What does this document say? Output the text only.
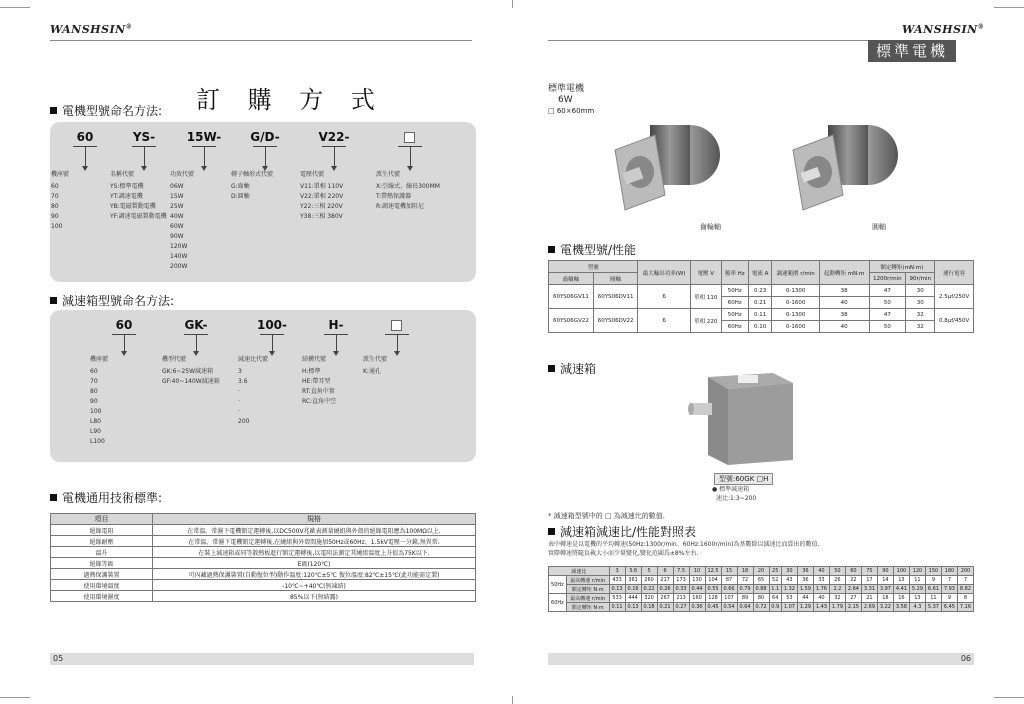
WANSHSIN®	WANSHSIN®
標準電機
訂 購 方 式
電機型號命名方法:
減速箱型號命名方法:
60
機座號
60
70
80
90
100
YS-
名稱代號
YS:標準電機
YT:調速電機
YB:電磁製動電機
YF:調速電磁製動電機
15W-
功效代號
06W
15W
25W
40W
60W
90W
120W
140W
200W
G/D-
轉子軸形式代號
G:齒軸
D:圓軸
V22-
電壓代號
V11:單相 110V
V22:單相 220V
Y22:三相 220V
Y38:三相 380V
派生代號
X:引線式、線長300MM
T:帶熱保護器
R:調速電機加阻尼
60
機座號
60
70
80
90
100
L80
L90
L100
GK-
機型代號
GK:6~25W減速箱
GF:40~140W減速箱
100-
減速比代號
3
3.6
·
·
·
200
H-
結構代號
H:標準
HE:帶耳型
RT:直角中實
RC:直角中空
派生代號
K:通孔
電機通用技術標準:
項目	規格
絕緣電阻	在常溫、常濕下電機額定運轉後,以DC500V兆歐表測量繞組與外殼的絕緣電阻應為100MΩ以上.
絕緣耐壓	在常溫、常濕下電機額定運轉後,在繞組與外殼間施加50Hz或60Hz、1.5kV電壓一分鐘,無異常.
溫升	在裝上減速箱或同等散熱板進行額定運轉後,以電阻法測定其繞組溫度上升值為75K以下.
絕緣等級	E級(120℃)
過熱保護裝置	可內藏過熱保護裝置(自動復位型)動作溫度:120℃±5℃ 復位溫度:82℃±15℃(此功能需定製)
使用環境溫度	-10℃~+40℃(無凍結)
使用環境濕度	85%以下(無結露)
05
標準電機
6W
□ 60×60mm
齒輪軸	圓軸
電機型號/性能
型號		最大輸出功率(W)	電壓 V	頻率 Hz	電流 A	調速範圍 r/min	起動轉矩 mN·m	額定轉矩(mN·m)		運行電容
齒輪軸	圓軸							1200r/min	90r/min	
60YS06GV11	60YS06DV11	6	單相 110	50Hz	0.23	0-1300	38	47	30	2.5μf/250V
				60Hz	0.21	0-1600	40	50	30	
60YS06GV22	60YS06DV22	6	單相 220	50Hz	0.11	0-1300	38	47	32	0.8μf/450V
				60Hz	0.10	0-1600	40	50	32	
減速箱
型號:60GK □H
● 標準減速箱
速比:1:3~200
* 減速箱型號中的 □ 為減速比的數值.
減速箱減速比/性能對照表
表中轉速是以電機的平均轉速(50Hz:1300r/min、60Hz:1600r/min)為基數除以減速比而算出的數值.
實際轉速將隨負載大小而少量變化,變化范圍爲±8%左右.
減速比		3	3.6	5	6	7.5	10	12.5	15	18	20	25	30	36	40	50	60	75	90	100	120	150	180	200
50Hz	最高轉速 r/min	433	361	260	217	173	130	104	87	72	65	52	43	36	33	26	22	17	14	13	11	9	7	7
	額定轉矩 N·m	0.13	0.16	0.22	0.26	0.33	0.44	0.55	0.66	0.79	0.88	1.1	1.32	1.59	1.76	2.2	2.64	3.31	3.97	4.41	5.29	6.61	7.93	8.82
60Hz	最高轉速 r/min	533	444	320	267	213	160	128	107	89	80	64	53	44	40	32	27	21	18	16	13	11	9	8
	額定轉矩 N·m	0.11	0.13	0.18	0.21	0.27	0.36	0.45	0.54	0.64	0.72	0.9	1.07	1.29	1.43	1.79	2.15	2.69	3.22	3.58	4.3	5.37	6.45	7.16
06
